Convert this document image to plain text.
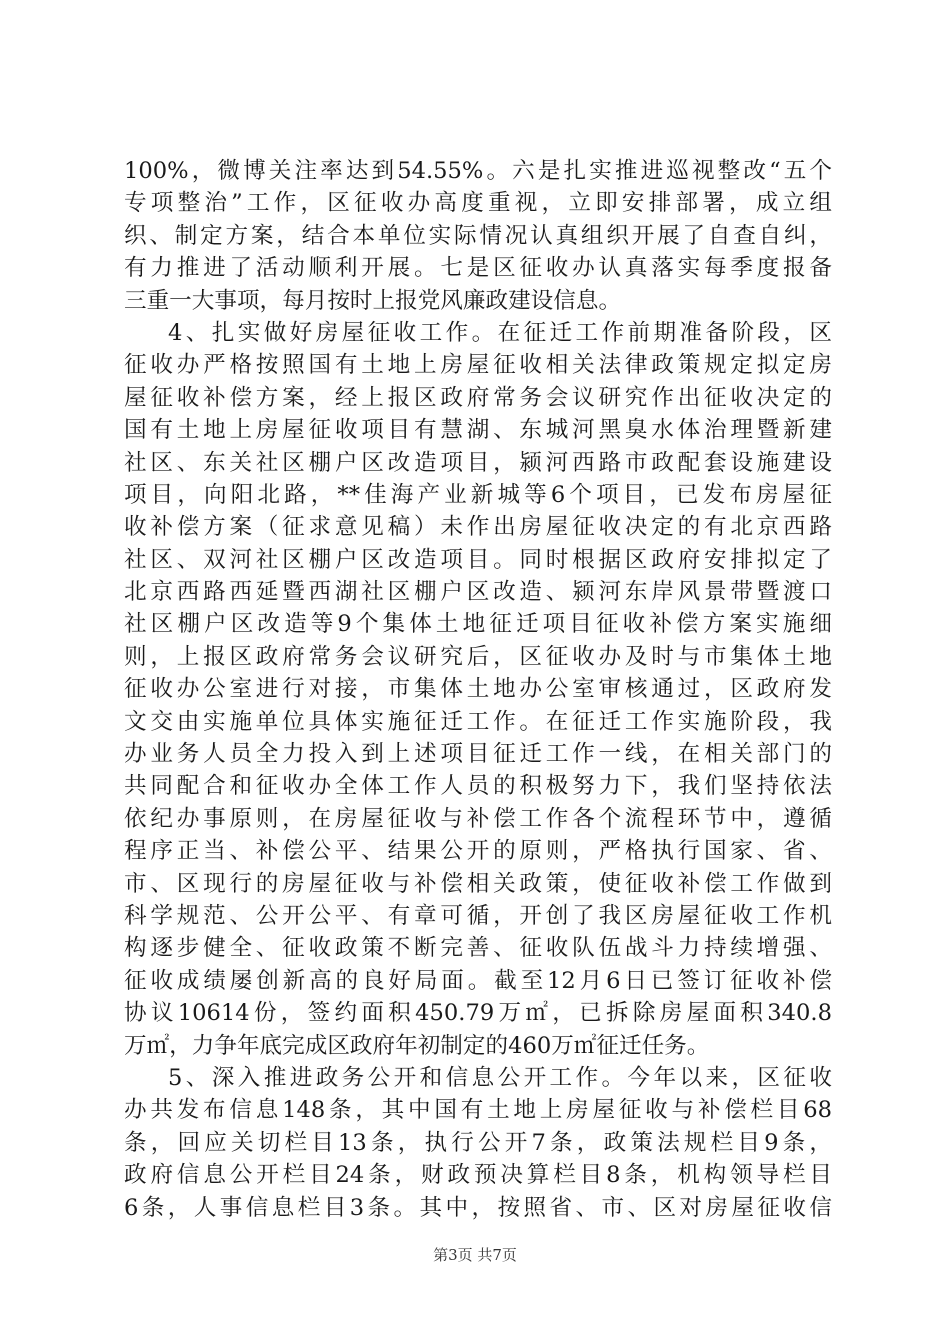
100%，微博关注率达到54.55%。六是扎实推进巡视整改“五个
专项整治”工作，区征收办高度重视，立即安排部署，成立组
织、制定方案，结合本单位实际情况认真组织开展了自查自纠，
有力推进了活动顺利开展。七是区征收办认真落实每季度报备
三重一大事项，每月按时上报党风廉政建设信息。
4、扎实做好房屋征收工作。在征迁工作前期准备阶段，区
征收办严格按照国有土地上房屋征收相关法律政策规定拟定房
屋征收补偿方案，经上报区政府常务会议研究作出征收决定的
国有土地上房屋征收项目有慧湖、东城河黑臭水体治理暨新建
社区、东关社区棚户区改造项目，颍河西路市政配套设施建设
项目，向阳北路，**佳海产业新城等6个项目，已发布房屋征
收补偿方案（征求意见稿）未作出房屋征收决定的有北京西路
社区、双河社区棚户区改造项目。同时根据区政府安排拟定了
北京西路西延暨西湖社区棚户区改造、颍河东岸风景带暨渡口
社区棚户区改造等9个集体土地征迁项目征收补偿方案实施细
则，上报区政府常务会议研究后，区征收办及时与市集体土地
征收办公室进行对接，市集体土地办公室审核通过，区政府发
文交由实施单位具体实施征迁工作。在征迁工作实施阶段，我
办业务人员全力投入到上述项目征迁工作一线，在相关部门的
共同配合和征收办全体工作人员的积极努力下，我们坚持依法
依纪办事原则，在房屋征收与补偿工作各个流程环节中，遵循
程序正当、补偿公平、结果公开的原则，严格执行国家、省、
市、区现行的房屋征收与补偿相关政策，使征收补偿工作做到
科学规范、公开公平、有章可循，开创了我区房屋征收工作机
构逐步健全、征收政策不断完善、征收队伍战斗力持续增强、
征收成绩屡创新高的良好局面。截至12月6日已签订征收补偿
协议10614份，签约面积450.79万㎡，已拆除房屋面积340.8
万㎡，力争年底完成区政府年初制定的460万㎡征迁任务。
5、深入推进政务公开和信息公开工作。今年以来，区征收
办共发布信息148条，其中国有土地上房屋征收与补偿栏目68
条，回应关切栏目13条，执行公开7条，政策法规栏目9条，
政府信息公开栏目24条，财政预决算栏目8条，机构领导栏目
6条，人事信息栏目3条。其中，按照省、市、区对房屋征收信
第3页 共7页
